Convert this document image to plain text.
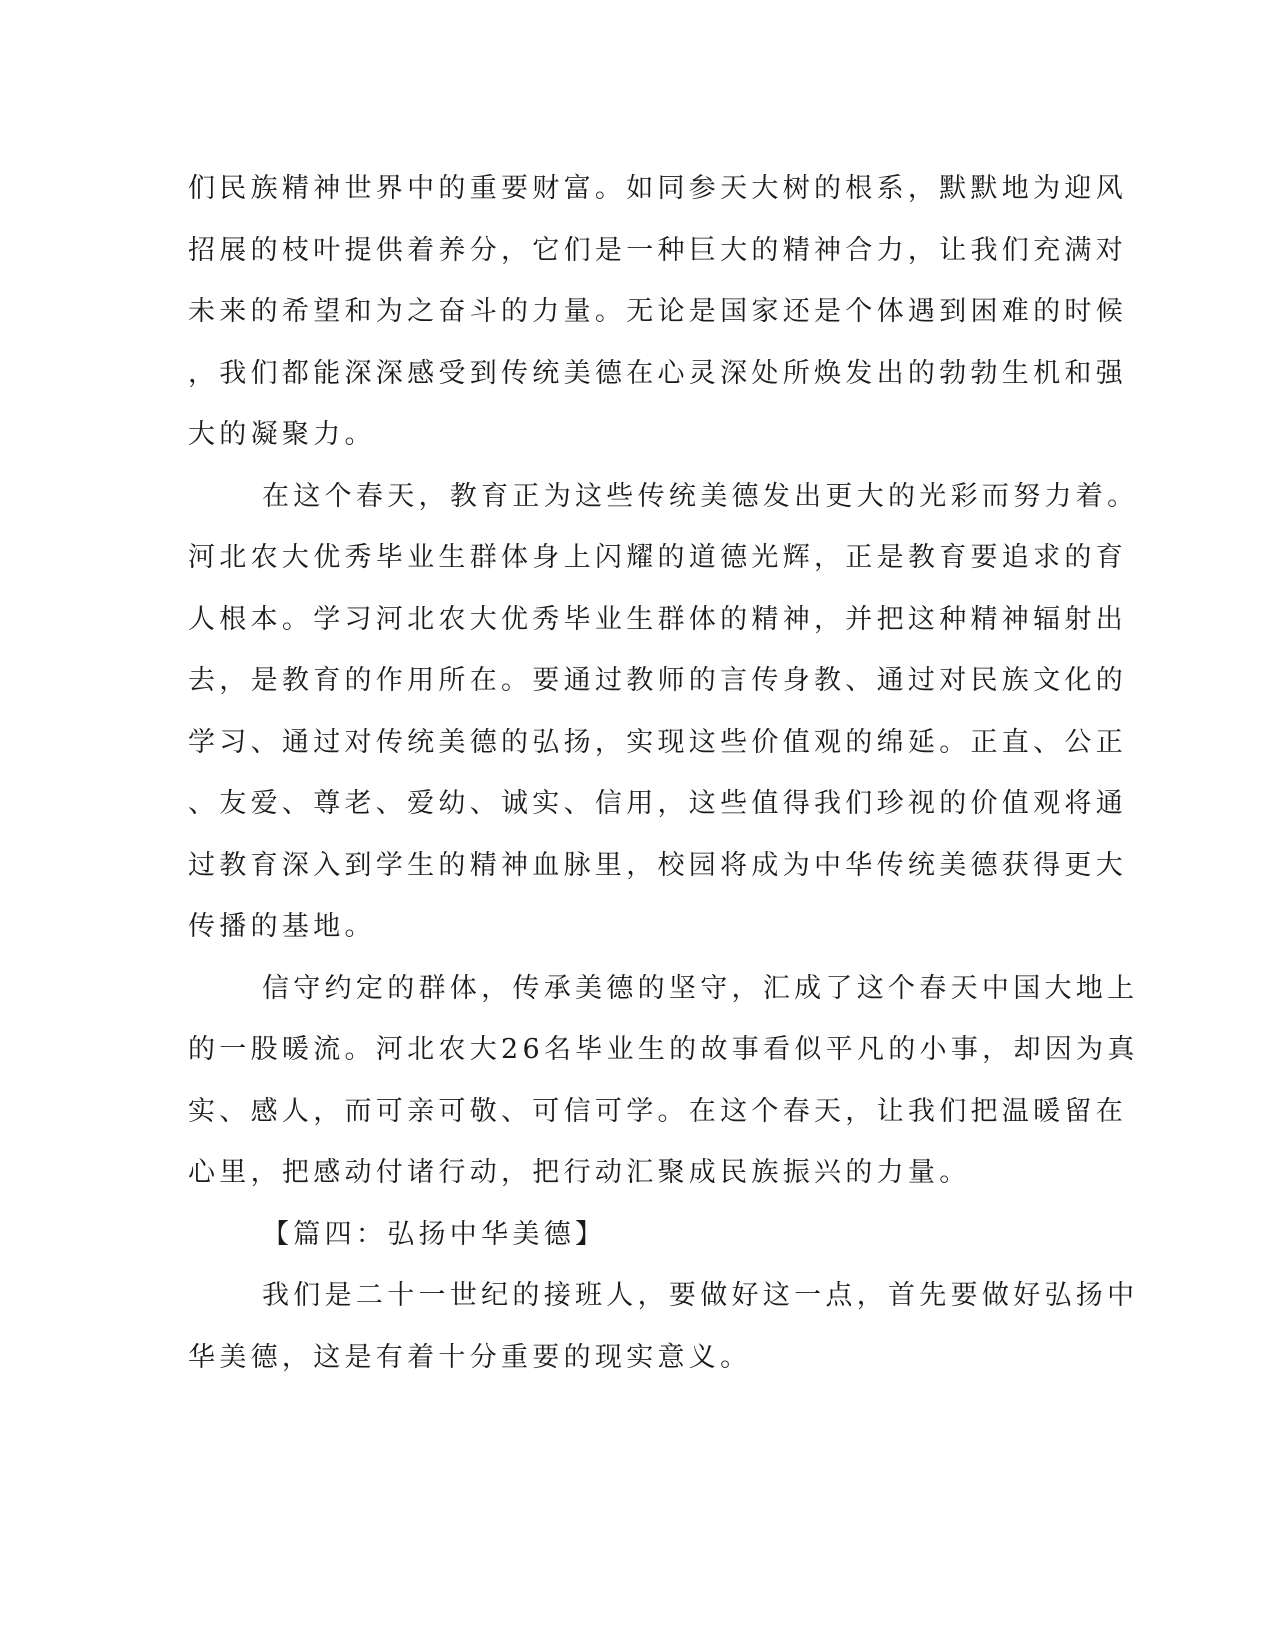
们民族精神世界中的重要财富。如同参天大树的根系，默默地为迎风
招展的枝叶提供着养分，它们是一种巨大的精神合力，让我们充满对
未来的希望和为之奋斗的力量。无论是国家还是个体遇到困难的时候
，我们都能深深感受到传统美德在心灵深处所焕发出的勃勃生机和强
大的凝聚力。
在这个春天，教育正为这些传统美德发出更大的光彩而努力着。
河北农大优秀毕业生群体身上闪耀的道德光辉，正是教育要追求的育
人根本。学习河北农大优秀毕业生群体的精神，并把这种精神辐射出
去，是教育的作用所在。要通过教师的言传身教、通过对民族文化的
学习、通过对传统美德的弘扬，实现这些价值观的绵延。正直、公正
、友爱、尊老、爱幼、诚实、信用，这些值得我们珍视的价值观将通
过教育深入到学生的精神血脉里，校园将成为中华传统美德获得更大
传播的基地。
信守约定的群体，传承美德的坚守，汇成了这个春天中国大地上
的一股暖流。河北农大26名毕业生的故事看似平凡的小事，却因为真
实、感人，而可亲可敬、可信可学。在这个春天，让我们把温暖留在
心里，把感动付诸行动，把行动汇聚成民族振兴的力量。
【篇四：弘扬中华美德】
我们是二十一世纪的接班人，要做好这一点，首先要做好弘扬中
华美德，这是有着十分重要的现实意义。
